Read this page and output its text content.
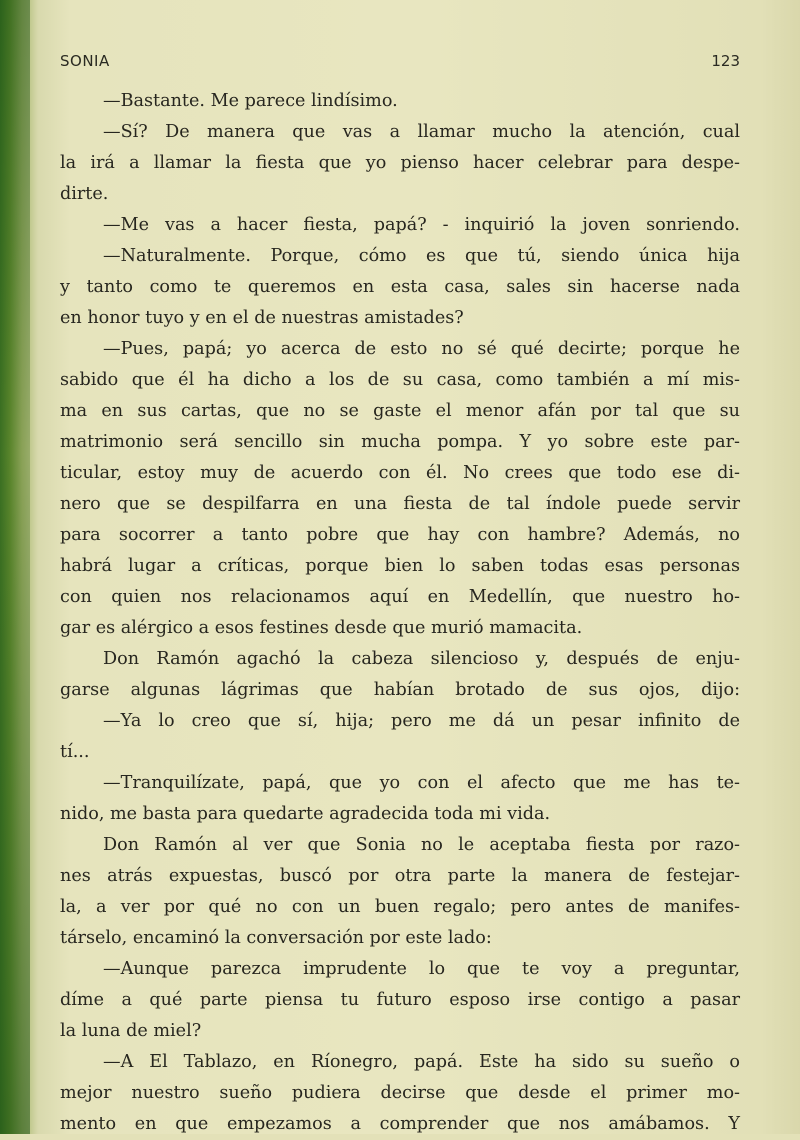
SONIA	123
—Bastante. Me parece lindísimo.
—Sí? De manera que vas a llamar mucho la atención, cual
la irá a llamar la fiesta que yo pienso hacer celebrar para despe-
dirte.
—Me vas a hacer fiesta, papá? - inquirió la joven sonriendo.
—Naturalmente. Porque, cómo es que tú, siendo única hija
y tanto como te queremos en esta casa, sales sin hacerse nada
en honor tuyo y en el de nuestras amistades?
—Pues, papá; yo acerca de esto no sé qué decirte; porque he
sabido que él ha dicho a los de su casa, como también a mí mis-
ma en sus cartas, que no se gaste el menor afán por tal que su
matrimonio será sencillo sin mucha pompa. Y yo sobre este par-
ticular, estoy muy de acuerdo con él. No crees que todo ese di-
nero que se despilfarra en una fiesta de tal índole puede servir
para socorrer a tanto pobre que hay con hambre? Además, no
habrá lugar a críticas, porque bien lo saben todas esas personas
con quien nos relacionamos aquí en Medellín, que nuestro ho-
gar es alérgico a esos festines desde que murió mamacita.
Don Ramón agachó la cabeza silencioso y, después de enju-
garse algunas lágrimas que habían brotado de sus ojos, dijo:
—Ya lo creo que sí, hija; pero me dá un pesar infinito de
tí...
—Tranquilízate, papá, que yo con el afecto que me has te-
nido, me basta para quedarte agradecida toda mi vida.
Don Ramón al ver que Sonia no le aceptaba fiesta por razo-
nes atrás expuestas, buscó por otra parte la manera de festejar-
la, a ver por qué no con un buen regalo; pero antes de manifes-
társelo, encaminó la conversación por este lado:
—Aunque parezca imprudente lo que te voy a preguntar,
díme a qué parte piensa tu futuro esposo irse contigo a pasar
la luna de miel?
—A El Tablazo, en Ríonegro, papá. Este ha sido su sueño o
mejor nuestro sueño pudiera decirse que desde el primer mo-
mento en que empezamos a comprender que nos amábamos. Y
